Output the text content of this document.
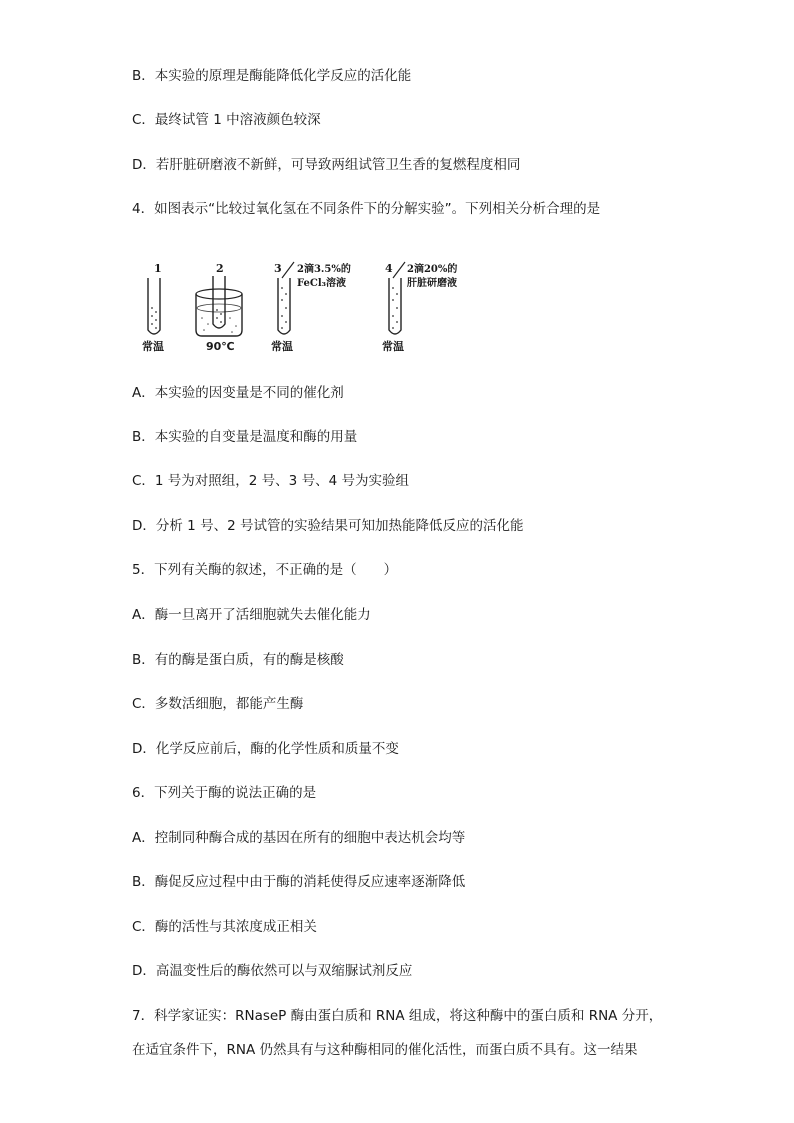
B．本实验的原理是酶能降低化学反应的活化能
C．最终试管 1 中溶液颜色较深
D．若肝脏研磨液不新鲜，可导致两组试管卫生香的复燃程度相同
4．如图表示“比较过氧化氢在不同条件下的分解实验”。下列相关分析合理的是
1
常温
2
90℃
3 2滴3.5%的
FeCl₃溶液
常温
4 2滴20%的
肝脏研磨液
常温
A．本实验的因变量是不同的催化剂
B．本实验的自变量是温度和酶的用量
C．1 号为对照组，2 号、3 号、4 号为实验组
D．分析 1 号、2 号试管的实验结果可知加热能降低反应的活化能
5．下列有关酶的叙述，不正确的是（　　）
A．酶一旦离开了活细胞就失去催化能力
B．有的酶是蛋白质，有的酶是核酸
C．多数活细胞，都能产生酶
D．化学反应前后，酶的化学性质和质量不变
6．下列关于酶的说法正确的是
A．控制同种酶合成的基因在所有的细胞中表达机会均等
B．酶促反应过程中由于酶的消耗使得反应速率逐渐降低
C．酶的活性与其浓度成正相关
D．高温变性后的酶依然可以与双缩脲试剂反应
7．科学家证实：RNaseP 酶由蛋白质和 RNA 组成，将这种酶中的蛋白质和 RNA 分开，
在适宜条件下，RNA 仍然具有与这种酶相同的催化活性，而蛋白质不具有。这一结果
